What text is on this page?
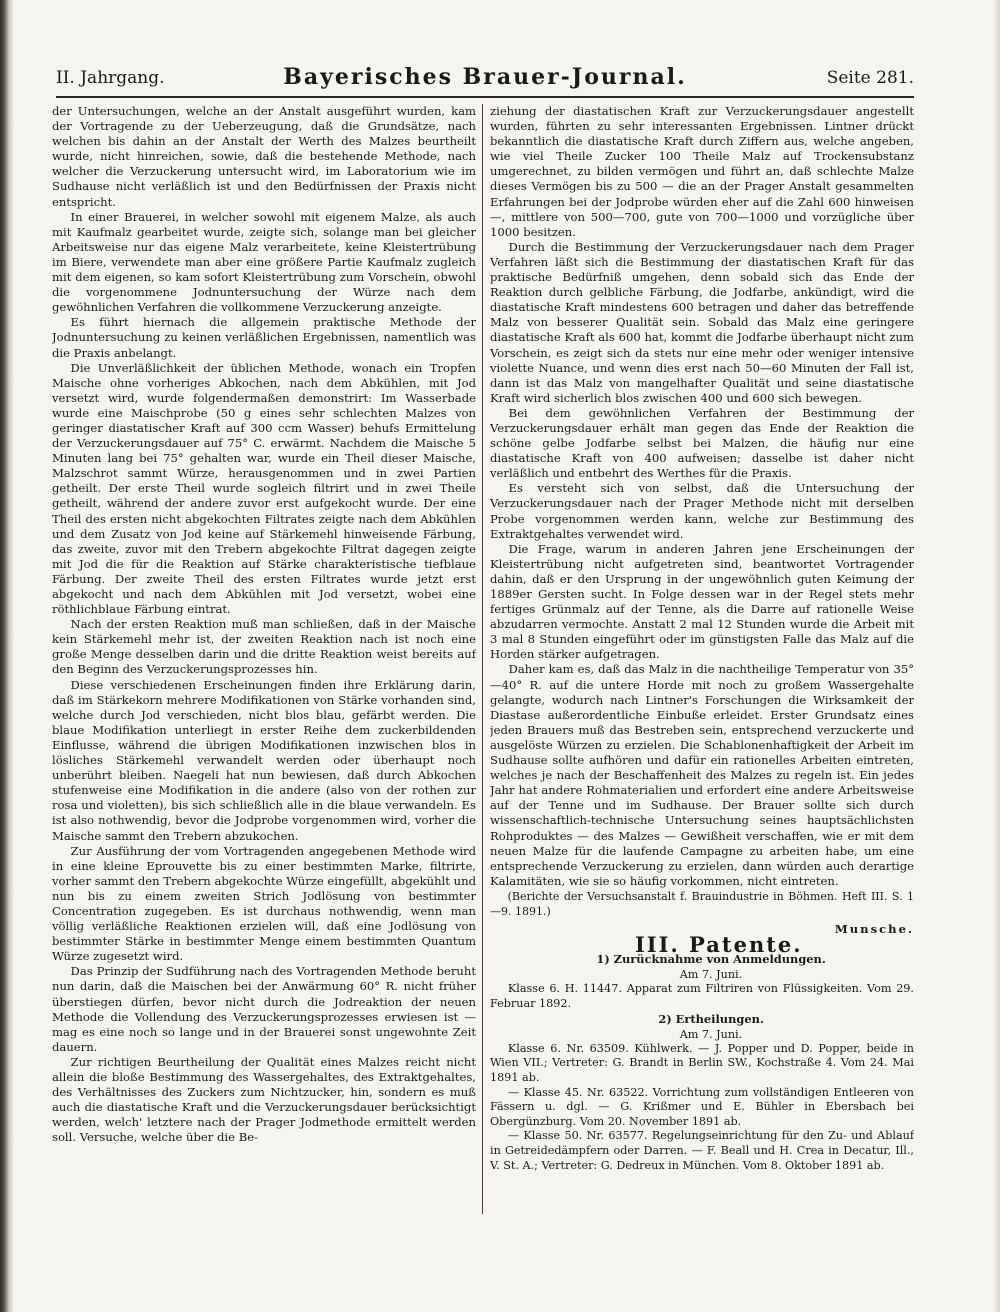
II. Jahrgang.	Bayerisches Brauer-Journal.	Seite 281.

der Untersuchungen, welche an der Anstalt ausgeführt wurden, kam der Vortragende zu der Ueberzeugung, daß die Grundsätze, nach welchen bis dahin an der Anstalt der Werth des Malzes beurtheilt wurde, nicht hinreichen, sowie, daß die bestehende Methode, nach welcher die Verzuckerung untersucht wird, im Laboratorium wie im Sudhause nicht verläßlich ist und den Bedürfnissen der Praxis nicht entspricht.

In einer Brauerei, in welcher sowohl mit eigenem Malze, als auch mit Kaufmalz gearbeitet wurde, zeigte sich, solange man bei gleicher Arbeitsweise nur das eigene Malz verarbeitete, keine Kleistertrübung im Biere, verwendete man aber eine größere Partie Kaufmalz zugleich mit dem eigenen, so kam sofort Kleistertrübung zum Vorschein, obwohl die vorgenommene Jodnuntersuchung der Würze nach dem gewöhnlichen Verfahren die vollkommene Verzuckerung anzeigte.

Es führt hiernach die allgemein praktische Methode der Jodnuntersuchung zu keinen verläßlichen Ergebnissen, namentlich was die Praxis anbelangt.

Die Unverläßlichkeit der üblichen Methode, wonach ein Tropfen Maische ohne vorheriges Abkochen, nach dem Abkühlen, mit Jod versetzt wird, wurde folgendermaßen demonstrirt: Im Wasserbade wurde eine Maischprobe (50 g eines sehr schlechten Malzes von geringer diastatischer Kraft auf 300 ccm Wasser) behufs Ermittelung der Verzuckerungsdauer auf 75° C. erwärmt. Nachdem die Maische 5 Minuten lang bei 75° gehalten war, wurde ein Theil dieser Maische, Malzschrot sammt Würze, herausgenommen und in zwei Partien getheilt. Der erste Theil wurde sogleich filtrirt und in zwei Theile getheilt, während der andere zuvor erst aufgekocht wurde. Der eine Theil des ersten nicht abgekochten Filtrates zeigte nach dem Abkühlen und dem Zusatz von Jod keine auf Stärkemehl hinweisende Färbung, das zweite, zuvor mit den Trebern abgekochte Filtrat dagegen zeigte mit Jod die für die Reaktion auf Stärke charakteristische tiefblaue Färbung. Der zweite Theil des ersten Filtrates wurde jetzt erst abgekocht und nach dem Abkühlen mit Jod versetzt, wobei eine röthlichblaue Färbung eintrat.

Nach der ersten Reaktion muß man schließen, daß in der Maische kein Stärkemehl mehr ist, der zweiten Reaktion nach ist noch eine große Menge desselben darin und die dritte Reaktion weist bereits auf den Beginn des Verzuckerungsprozesses hin.

Diese verschiedenen Erscheinungen finden ihre Erklärung darin, daß im Stärkekorn mehrere Modifikationen von Stärke vorhanden sind, welche durch Jod verschieden, nicht blos blau, gefärbt werden. Die blaue Modifikation unterliegt in erster Reihe dem zuckerbildenden Einflusse, während die übrigen Modifikationen inzwischen blos in lösliches Stärkemehl verwandelt werden oder überhaupt noch unberührt bleiben. Naegeli hat nun bewiesen, daß durch Abkochen stufenweise eine Modifikation in die andere (also von der rothen zur rosa und violetten), bis sich schließlich alle in die blaue verwandeln. Es ist also nothwendig, bevor die Jodprobe vorgenommen wird, vorher die Maische sammt den Trebern abzukochen.

Zur Ausführung der vom Vortragenden angegebenen Methode wird in eine kleine Eprouvette bis zu einer bestimmten Marke, filtrirte, vorher sammt den Trebern abgekochte Würze eingefüllt, abgekühlt und nun bis zu einem zweiten Strich Jodlösung von bestimmter Concentration zugegeben. Es ist durchaus nothwendig, wenn man völlig verläßliche Reaktionen erzielen will, daß eine Jodlösung von bestimmter Stärke in bestimmter Menge einem bestimmten Quantum Würze zugesetzt wird.

Das Prinzip der Sudführung nach des Vortragenden Methode beruht nun darin, daß die Maischen bei der Anwärmung 60° R. nicht früher überstiegen dürfen, bevor nicht durch die Jodreaktion der neuen Methode die Vollendung des Verzuckerungsprozesses erwiesen ist — mag es eine noch so lange und in der Brauerei sonst ungewohnte Zeit dauern.

Zur richtigen Beurtheilung der Qualität eines Malzes reicht nicht allein die bloße Bestimmung des Wassergehaltes, des Extraktgehaltes, des Verhältnisses des Zuckers zum Nichtzucker, hin, sondern es muß auch die diastatische Kraft und die Verzuckerungsdauer berücksichtigt werden, welch' letztere nach der Prager Jodmethode ermittelt werden soll. Versuche, welche über die Be-

ziehung der diastatischen Kraft zur Verzuckerungsdauer angestellt wurden, führten zu sehr interessanten Ergebnissen. Lintner drückt bekanntlich die diastatische Kraft durch Ziffern aus, welche angeben, wie viel Theile Zucker 100 Theile Malz auf Trockensubstanz umgerechnet, zu bilden vermögen und führt an, daß schlechte Malze dieses Vermögen bis zu 500 — die an der Prager Anstalt gesammelten Erfahrungen bei der Jodprobe würden eher auf die Zahl 600 hinweisen —, mittlere von 500—700, gute von 700—1000 und vorzügliche über 1000 besitzen.

Durch die Bestimmung der Verzuckerungsdauer nach dem Prager Verfahren läßt sich die Bestimmung der diastatischen Kraft für das praktische Bedürfniß umgehen, denn sobald sich das Ende der Reaktion durch gelbliche Färbung, die Jodfarbe, ankündigt, wird die diastatische Kraft mindestens 600 betragen und daher das betreffende Malz von besserer Qualität sein. Sobald das Malz eine geringere diastatische Kraft als 600 hat, kommt die Jodfarbe überhaupt nicht zum Vorschein, es zeigt sich da stets nur eine mehr oder weniger intensive violette Nuance, und wenn dies erst nach 50—60 Minuten der Fall ist, dann ist das Malz von mangelhafter Qualität und seine diastatische Kraft wird sicherlich blos zwischen 400 und 600 sich bewegen.

Bei dem gewöhnlichen Verfahren der Bestimmung der Verzuckerungsdauer erhält man gegen das Ende der Reaktion die schöne gelbe Jodfarbe selbst bei Malzen, die häufig nur eine diastatische Kraft von 400 aufweisen; dasselbe ist daher nicht verläßlich und entbehrt des Werthes für die Praxis.

Es versteht sich von selbst, daß die Untersuchung der Verzuckerungsdauer nach der Prager Methode nicht mit derselben Probe vorgenommen werden kann, welche zur Bestimmung des Extraktgehaltes verwendet wird.

Die Frage, warum in anderen Jahren jene Erscheinungen der Kleistertrübung nicht aufgetreten sind, beantwortet Vortragender dahin, daß er den Ursprung in der ungewöhnlich guten Keimung der 1889er Gersten sucht. In Folge dessen war in der Regel stets mehr fertiges Grünmalz auf der Tenne, als die Darre auf rationelle Weise abzudarren vermochte. Anstatt 2 mal 12 Stunden wurde die Arbeit mit 3 mal 8 Stunden eingeführt oder im günstigsten Falle das Malz auf die Horden stärker aufgetragen.

Daher kam es, daß das Malz in die nachtheilige Temperatur von 35°—40° R. auf die untere Horde mit noch zu großem Wassergehalte gelangte, wodurch nach Lintner's Forschungen die Wirksamkeit der Diastase außerordentliche Einbuße erleidet. Erster Grundsatz eines jeden Brauers muß das Bestreben sein, entsprechend verzuckerte und ausgelöste Würzen zu erzielen. Die Schablonenhaftigkeit der Arbeit im Sudhause sollte aufhören und dafür ein rationelles Arbeiten eintreten, welches je nach der Beschaffenheit des Malzes zu regeln ist. Ein jedes Jahr hat andere Rohmaterialien und erfordert eine andere Arbeitsweise auf der Tenne und im Sudhause. Der Brauer sollte sich durch wissenschaftlich-technische Untersuchung seines hauptsächlichsten Rohproduktes — des Malzes — Gewißheit verschaffen, wie er mit dem neuen Malze für die laufende Campagne zu arbeiten habe, um eine entsprechende Verzuckerung zu erzielen, dann würden auch derartige Kalamitäten, wie sie so häufig vorkommen, nicht eintreten.

(Berichte der Versuchsanstalt f. Brauindustrie in Böhmen. Heft III. S. 1—9. 1891.)

Munsche.

III. Patente.

1) Zurücknahme von Anmeldungen.

Am 7. Juni.

Klasse 6. H. 11447. Apparat zum Filtriren von Flüssigkeiten. Vom 29. Februar 1892.

2) Ertheilungen.

Am 7. Juni.

Klasse 6. Nr. 63509. Kühlwerk. — J. Popper und D. Popper, beide in Wien VII.; Vertreter: G. Brandt in Berlin SW., Kochstraße 4. Vom 24. Mai 1891 ab.

— Klasse 45. Nr. 63522. Vorrichtung zum vollständigen Entleeren von Fässern u. dgl. — G. Krißmer und E. Bühler in Ebersbach bei Obergünzburg. Vom 20. November 1891 ab.

— Klasse 50. Nr. 63577. Regelungseinrichtung für den Zu- und Ablauf in Getreidedämpfern oder Darren. — F. Beall und H. Crea in Decatur, Ill., V. St. A.; Vertreter: G. Dedreux in München. Vom 8. Oktober 1891 ab.
